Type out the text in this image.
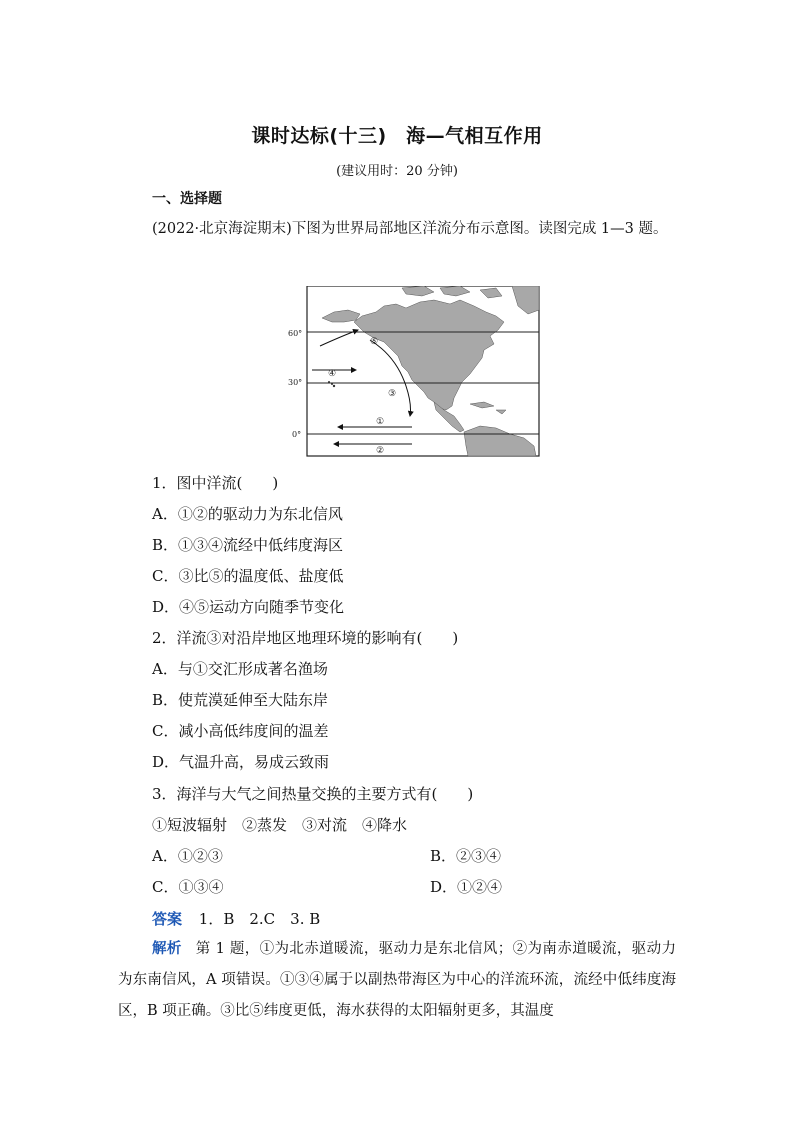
课时达标(十三)　海—气相互作用
(建议用时：20 分钟)
一、选择题
(2022·北京海淀期末)下图为世界局部地区洋流分布示意图。读图完成 1—3 题。
60°
30°
0°
⑤
④
③
①
②
1．图中洋流(　　)
A．①②的驱动力为东北信风
B．①③④流经中低纬度海区
C．③比⑤的温度低、盐度低
D．④⑤运动方向随季节变化
2．洋流③对沿岸地区地理环境的影响有(　　)
A．与①交汇形成著名渔场
B．使荒漠延伸至大陆东岸
C．减小高低纬度间的温差
D．气温升高，易成云致雨
3．海洋与大气之间热量交换的主要方式有(　　)
①短波辐射　②蒸发　③对流　④降水
A．①②③	B．②③④
C．①③④	D．①②④
答案 1．B　2.C　3. B
解析 第 1 题，①为北赤道暖流，驱动力是东北信风；②为南赤道暖流，驱动力为东南信风，A 项错误。①③④属于以副热带海区为中心的洋流环流，流经中低纬度海区，B 项正确。③比⑤纬度更低，海水获得的太阳辐射更多，其温度
